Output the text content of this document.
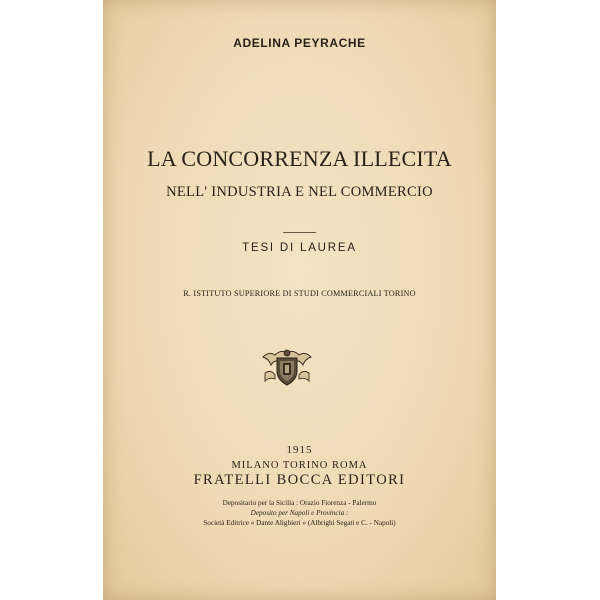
ADELINA PEYRACHE
LA CONCORRENZA ILLECITA
NELL' INDUSTRIA E NEL COMMERCIO
TESI DI LAUREA
R. ISTITUTO SUPERIORE DI STUDI COMMERCIALI TORINO
1915
MILANO TORINO ROMA
FRATELLI BOCCA EDITORI
Depositario per la Sicilia : Orazio Fiorenza - Palermo
Deposito per Napoli e Provincia :
Società Editrice « Dante Alighieri » (Albrighi Segati e C. - Napoli)
